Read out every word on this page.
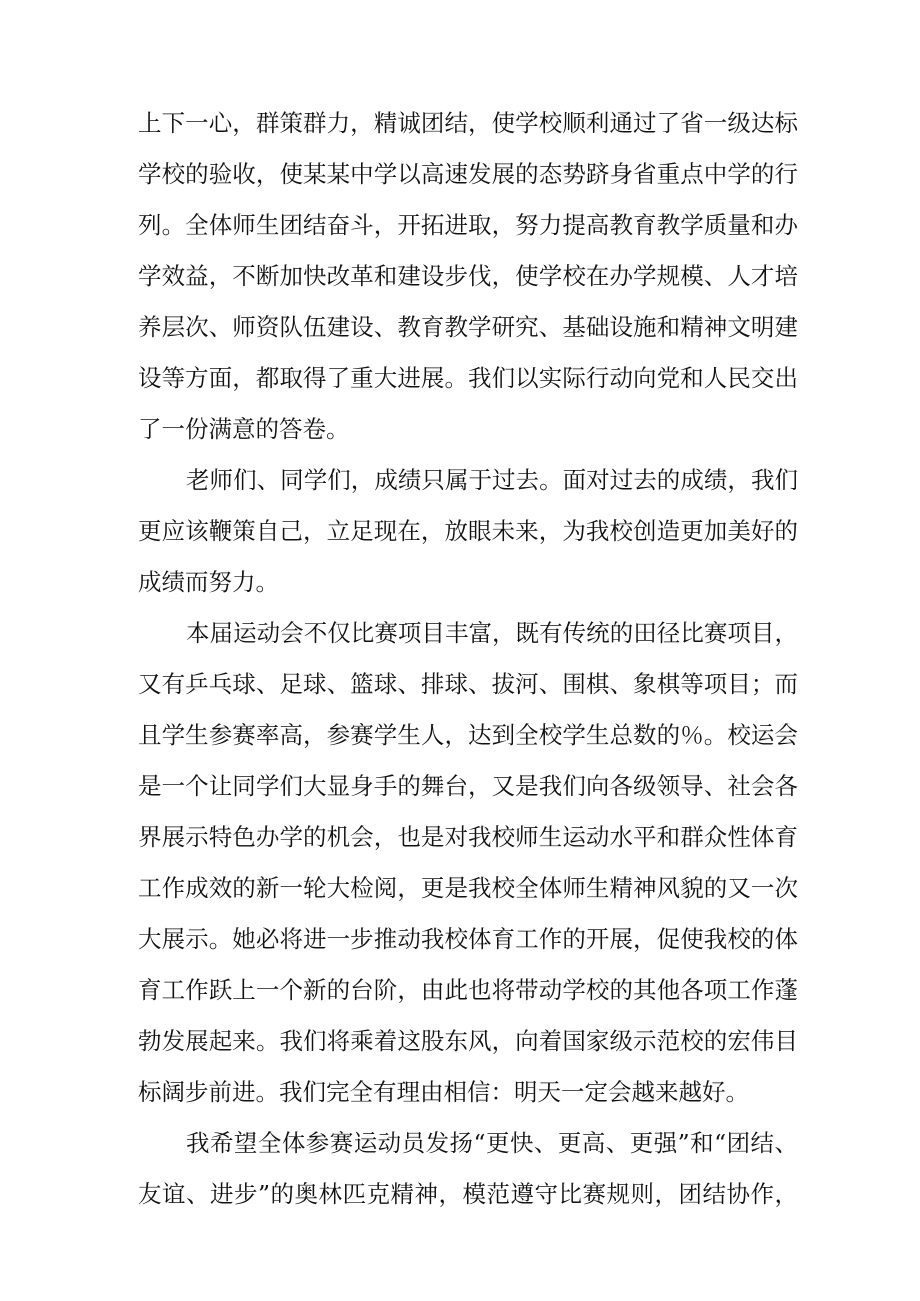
上下一心，群策群力，精诚团结，使学校顺利通过了省一级达标
学校的验收，使某某中学以高速发展的态势跻身省重点中学的行
列。全体师生团结奋斗，开拓进取，努力提高教育教学质量和办
学效益，不断加快改革和建设步伐，使学校在办学规模、人才培
养层次、师资队伍建设、教育教学研究、基础设施和精神文明建
设等方面，都取得了重大进展。我们以实际行动向党和人民交出
了一份满意的答卷。
老师们、同学们，成绩只属于过去。面对过去的成绩，我们
更应该鞭策自己，立足现在，放眼未来，为我校创造更加美好的
成绩而努力。
本届运动会不仅比赛项目丰富，既有传统的田径比赛项目，
又有乒乓球、足球、篮球、排球、拔河、围棋、象棋等项目；而
且学生参赛率高，参赛学生人，达到全校学生总数的％。校运会
是一个让同学们大显身手的舞台，又是我们向各级领导、社会各
界展示特色办学的机会，也是对我校师生运动水平和群众性体育
工作成效的新一轮大检阅，更是我校全体师生精神风貌的又一次
大展示。她必将进一步推动我校体育工作的开展，促使我校的体
育工作跃上一个新的台阶，由此也将带动学校的其他各项工作蓬
勃发展起来。我们将乘着这股东风，向着国家级示范校的宏伟目
标阔步前进。我们完全有理由相信：明天一定会越来越好。
我希望全体参赛运动员发扬“更快、更高、更强”和“团结、
友谊、进步”的奥林匹克精神，模范遵守比赛规则，团结协作，
